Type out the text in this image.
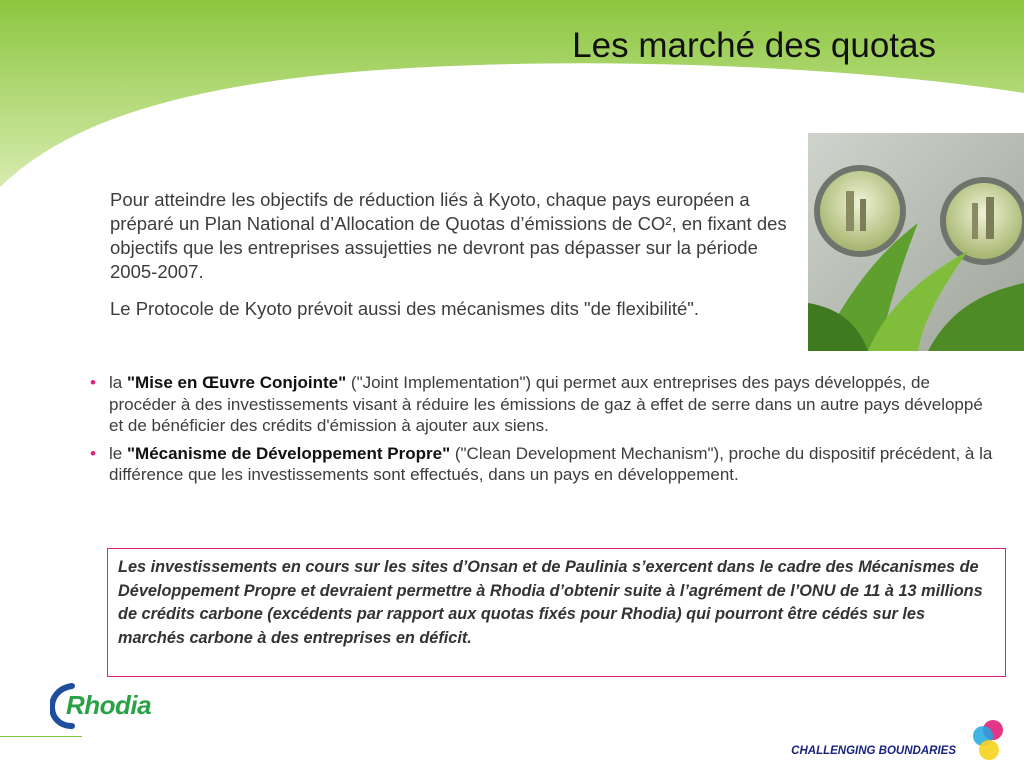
Les marché des quotas

Pour atteindre les objectifs de réduction liés à Kyoto, chaque pays européen a préparé un Plan National d’Allocation de Quotas d’émissions de CO², en fixant des objectifs que les entreprises assujetties ne devront pas dépasser sur la période 2005-2007.

Le Protocole de Kyoto prévoit aussi des mécanismes dits "de flexibilité".

• la "Mise en Œuvre Conjointe" ("Joint Implementation") qui permet aux entreprises des pays développés, de procéder à des investissements visant à réduire les émissions de gaz à effet de serre dans un autre pays développé et de bénéficier des crédits d'émission à ajouter aux siens.
• le "Mécanisme de Développement Propre" ("Clean Development Mechanism"), proche du dispositif précédent, à la différence que les investissements sont effectués, dans un pays en développement.
Les investissements en cours sur les sites d’Onsan et de Paulinia s’exercent dans le cadre des Mécanismes de Développement Propre et devraient permettre à Rhodia d’obtenir suite à l’agrément de l’ONU de 11 à 13 millions de crédits carbone (excédents par rapport aux quotas fixés pour Rhodia) qui pourront être cédés sur les marchés carbone à des entreprises en déficit.
Rhodia
CHALLENGING BOUNDARIES
